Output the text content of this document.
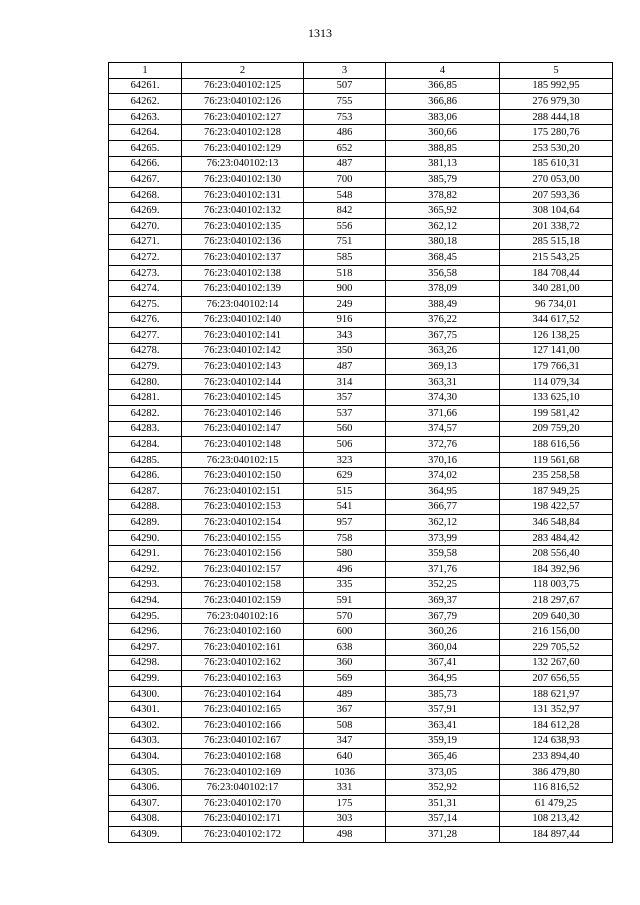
1313
1	2	3	4	5
64261.	76:23:040102:125	507	366,85	185 992,95
64262.	76:23:040102:126	755	366,86	276 979,30
64263.	76:23:040102:127	753	383,06	288 444,18
64264.	76:23:040102:128	486	360,66	175 280,76
64265.	76:23:040102:129	652	388,85	253 530,20
64266.	76:23:040102:13	487	381,13	185 610,31
64267.	76:23:040102:130	700	385,79	270 053,00
64268.	76:23:040102:131	548	378,82	207 593,36
64269.	76:23:040102:132	842	365,92	308 104,64
64270.	76:23:040102:135	556	362,12	201 338,72
64271.	76:23:040102:136	751	380,18	285 515,18
64272.	76:23:040102:137	585	368,45	215 543,25
64273.	76:23:040102:138	518	356,58	184 708,44
64274.	76:23:040102:139	900	378,09	340 281,00
64275.	76:23:040102:14	249	388,49	96 734,01
64276.	76:23:040102:140	916	376,22	344 617,52
64277.	76:23:040102:141	343	367,75	126 138,25
64278.	76:23:040102:142	350	363,26	127 141,00
64279.	76:23:040102:143	487	369,13	179 766,31
64280.	76:23:040102:144	314	363,31	114 079,34
64281.	76:23:040102:145	357	374,30	133 625,10
64282.	76:23:040102:146	537	371,66	199 581,42
64283.	76:23:040102:147	560	374,57	209 759,20
64284.	76:23:040102:148	506	372,76	188 616,56
64285.	76:23:040102:15	323	370,16	119 561,68
64286.	76:23:040102:150	629	374,02	235 258,58
64287.	76:23:040102:151	515	364,95	187 949,25
64288.	76:23:040102:153	541	366,77	198 422,57
64289.	76:23:040102:154	957	362,12	346 548,84
64290.	76:23:040102:155	758	373,99	283 484,42
64291.	76:23:040102:156	580	359,58	208 556,40
64292.	76:23:040102:157	496	371,76	184 392,96
64293.	76:23:040102:158	335	352,25	118 003,75
64294.	76:23:040102:159	591	369,37	218 297,67
64295.	76:23:040102:16	570	367,79	209 640,30
64296.	76:23:040102:160	600	360,26	216 156,00
64297.	76:23:040102:161	638	360,04	229 705,52
64298.	76:23:040102:162	360	367,41	132 267,60
64299.	76:23:040102:163	569	364,95	207 656,55
64300.	76:23:040102:164	489	385,73	188 621,97
64301.	76:23:040102:165	367	357,91	131 352,97
64302.	76:23:040102:166	508	363,41	184 612,28
64303.	76:23:040102:167	347	359,19	124 638,93
64304.	76:23:040102:168	640	365,46	233 894,40
64305.	76:23:040102:169	1036	373,05	386 479,80
64306.	76:23:040102:17	331	352,92	116 816,52
64307.	76:23:040102:170	175	351,31	61 479,25
64308.	76:23:040102:171	303	357,14	108 213,42
64309.	76:23:040102:172	498	371,28	184 897,44
